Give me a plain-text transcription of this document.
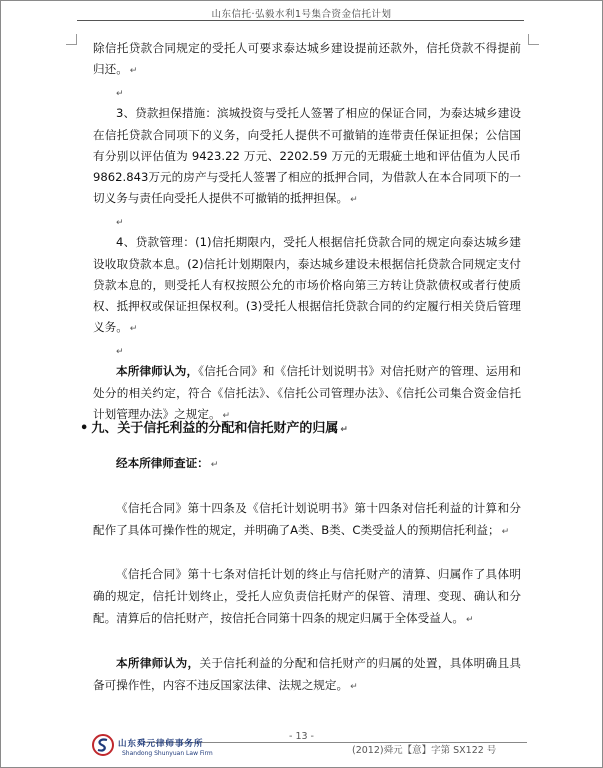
山东信托·弘毅水利1号集合资金信托计划

除信托贷款合同规定的受托人可要求泰达城乡建设提前还款外，信托贷款不得提前归还。 ↵

↵

3、贷款担保措施：滨城投资与受托人签署了相应的保证合同，为泰达城乡建设在信托贷款合同项下的义务，向受托人提供不可撤销的连带责任保证担保；公信国有分别以评估值为 9423.22 万元、2202.59 万元的无瑕疵土地和评估值为人民币9862.843万元的房产与受托人签署了相应的抵押合同，为借款人在本合同项下的一切义务与责任向受托人提供不可撤销的抵押担保。 ↵

↵

4、贷款管理：(1)信托期限内，受托人根据信托贷款合同的规定向泰达城乡建设收取贷款本息。(2)信托计划期限内，泰达城乡建设未根据信托贷款合同规定支付贷款本息的，则受托人有权按照公允的市场价格向第三方转让贷款债权或者行使质权、抵押权或保证担保权利。(3)受托人根据信托贷款合同的约定履行相关贷后管理义务。 ↵

↵

本所律师认为，《信托合同》和《信托计划说明书》对信托财产的管理、运用和处分的相关约定，符合《信托法》、《信托公司管理办法》、《信托公司集合资金信托计划管理办法》之规定。 ↵

• 九、关于信托利益的分配和信托财产的归属 ↵

经本所律师查证： ↵

《信托合同》第十四条及《信托计划说明书》第十四条对信托利益的计算和分配作了具体可操作性的规定，并明确了A类、B类、C类受益人的预期信托利益； ↵

《信托合同》第十七条对信托计划的终止与信托财产的清算、归属作了具体明确的规定，信托计划终止，受托人应负责信托财产的保管、清理、变现、确认和分配。清算后的信托财产，按信托合同第十四条的规定归属于全体受益人。 ↵

本所律师认为，关于信托利益的分配和信托财产的归属的处置，具体明确且具备可操作性，内容不违反国家法律、法规之规定。 ↵

- 13 -
山东舜元律师事务所
Shandong Shunyuan Law Firm	(2012)舜元【意】字第 SX122 号
